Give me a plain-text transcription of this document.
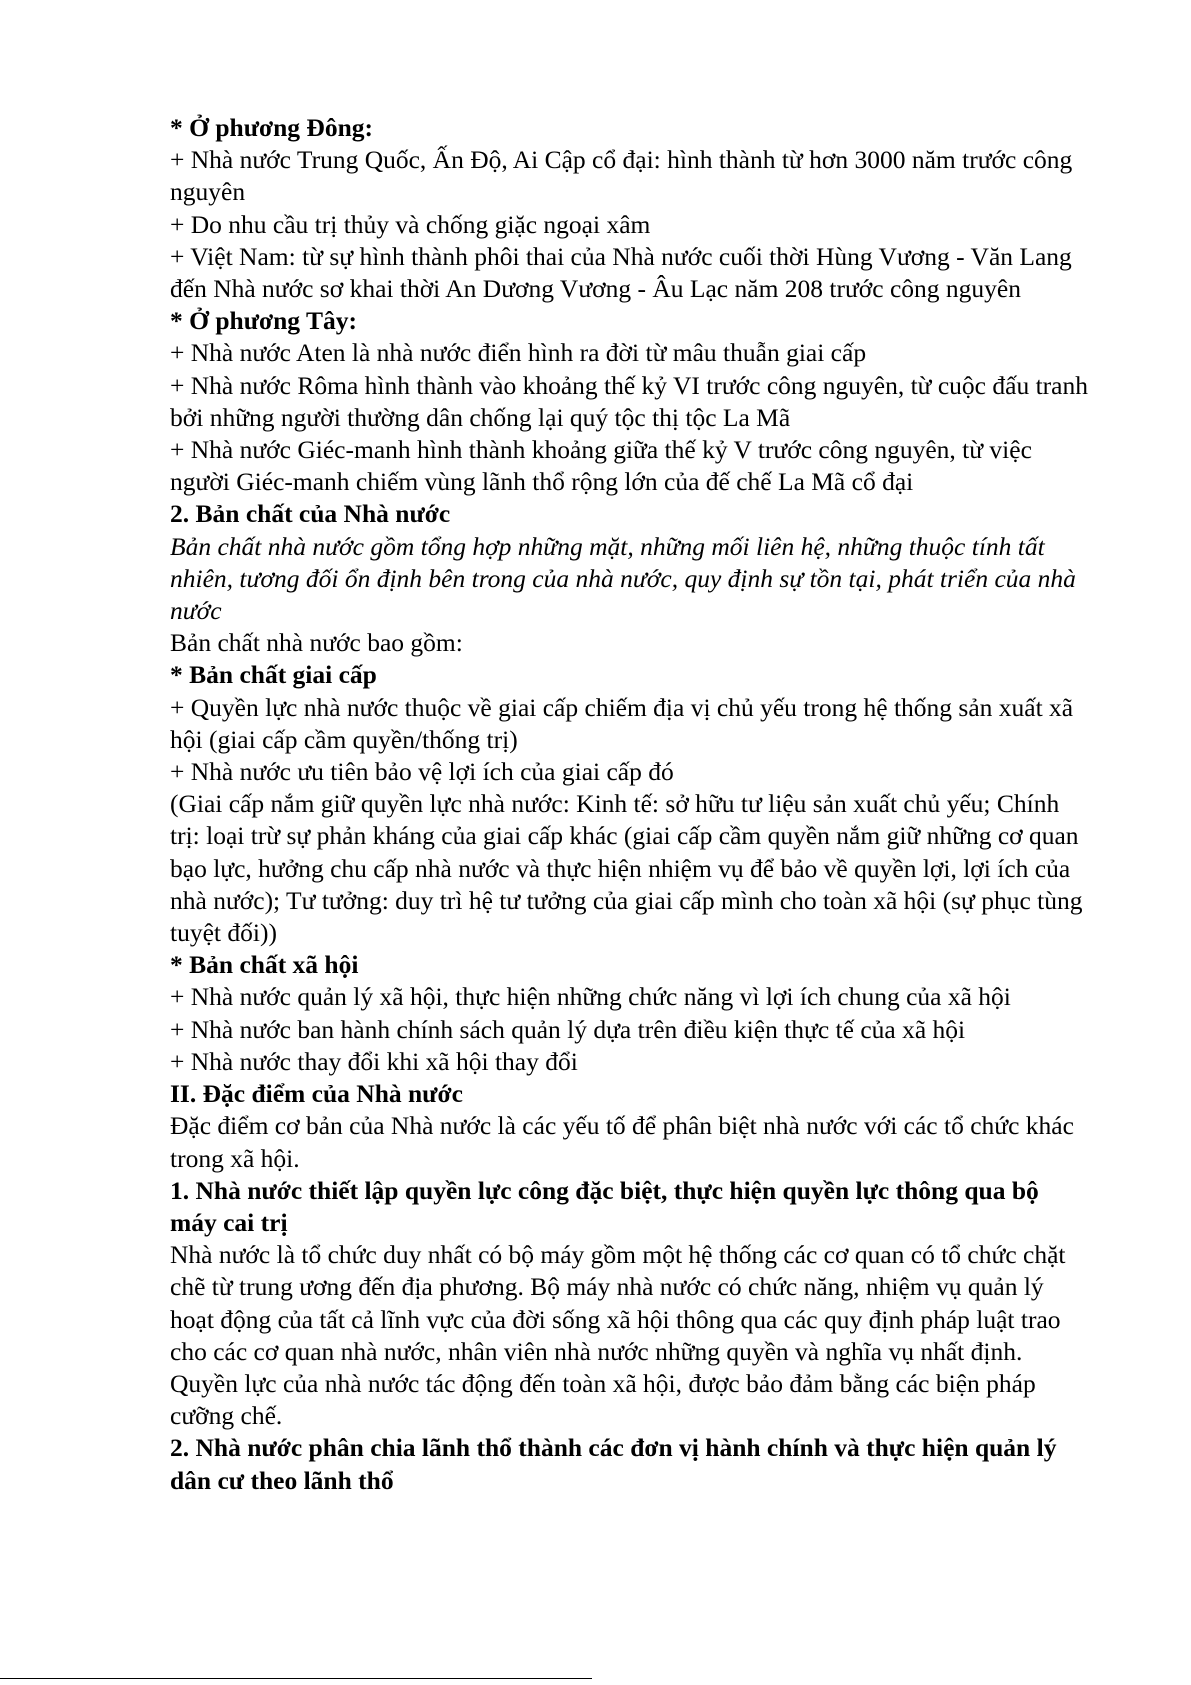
* Ở phương Đông:

+ Nhà nước Trung Quốc, Ấn Độ, Ai Cập cổ đại: hình thành từ hơn 3000 năm trước công nguyên

+ Do nhu cầu trị thủy và chống giặc ngoại xâm

+ Việt Nam: từ sự hình thành phôi thai của Nhà nước cuối thời Hùng Vương - Văn Lang đến Nhà nước sơ khai thời An Dương Vương - Âu Lạc năm 208 trước công nguyên

* Ở phương Tây:

+ Nhà nước Aten là nhà nước điển hình ra đời từ mâu thuẫn giai cấp

+ Nhà nước Rôma hình thành vào khoảng thế kỷ VI trước công nguyên, từ cuộc đấu tranh bởi những người thường dân chống lại quý tộc thị tộc La Mã

+ Nhà nước Giéc-manh hình thành khoảng giữa thế kỷ V trước công nguyên, từ việc người Giéc-manh chiếm vùng lãnh thổ rộng lớn của đế chế La Mã cổ đại

2. Bản chất của Nhà nước

Bản chất nhà nước gồm tổng hợp những mặt, những mối liên hệ, những thuộc tính tất nhiên, tương đối ổn định bên trong của nhà nước, quy định sự tồn tại, phát triển của nhà nước

Bản chất nhà nước bao gồm:

* Bản chất giai cấp

+ Quyền lực nhà nước thuộc về giai cấp chiếm địa vị chủ yếu trong hệ thống sản xuất xã hội (giai cấp cầm quyền/thống trị)

+ Nhà nước ưu tiên bảo vệ lợi ích của giai cấp đó

(Giai cấp nắm giữ quyền lực nhà nước: Kinh tế: sở hữu tư liệu sản xuất chủ yếu; Chính trị: loại trừ sự phản kháng của giai cấp khác (giai cấp cầm quyền nắm giữ những cơ quan bạo lực, hưởng chu cấp nhà nước và thực hiện nhiệm vụ để bảo về quyền lợi, lợi ích của nhà nước); Tư tưởng: duy trì hệ tư tưởng của giai cấp mình cho toàn xã hội (sự phục tùng tuyệt đối))

* Bản chất xã hội

+ Nhà nước quản lý xã hội, thực hiện những chức năng vì lợi ích chung của xã hội

+ Nhà nước ban hành chính sách quản lý dựa trên điều kiện thực tế của xã hội

+ Nhà nước thay đổi khi xã hội thay đổi

II. Đặc điểm của Nhà nước

Đặc điểm cơ bản của Nhà nước là các yếu tố để phân biệt nhà nước với các tổ chức khác trong xã hội.

1. Nhà nước thiết lập quyền lực công đặc biệt, thực hiện quyền lực thông qua bộ máy cai trị

Nhà nước là tổ chức duy nhất có bộ máy gồm một hệ thống các cơ quan có tổ chức chặt chẽ từ trung ương đến địa phương. Bộ máy nhà nước có chức năng, nhiệm vụ quản lý hoạt động của tất cả lĩnh vực của đời sống xã hội thông qua các quy định pháp luật trao cho các cơ quan nhà nước, nhân viên nhà nước những quyền và nghĩa vụ nhất định. Quyền lực của nhà nước tác động đến toàn xã hội, được bảo đảm bằng các biện pháp cưỡng chế.

2. Nhà nước phân chia lãnh thổ thành các đơn vị hành chính và thực hiện quản lý dân cư theo lãnh thổ
